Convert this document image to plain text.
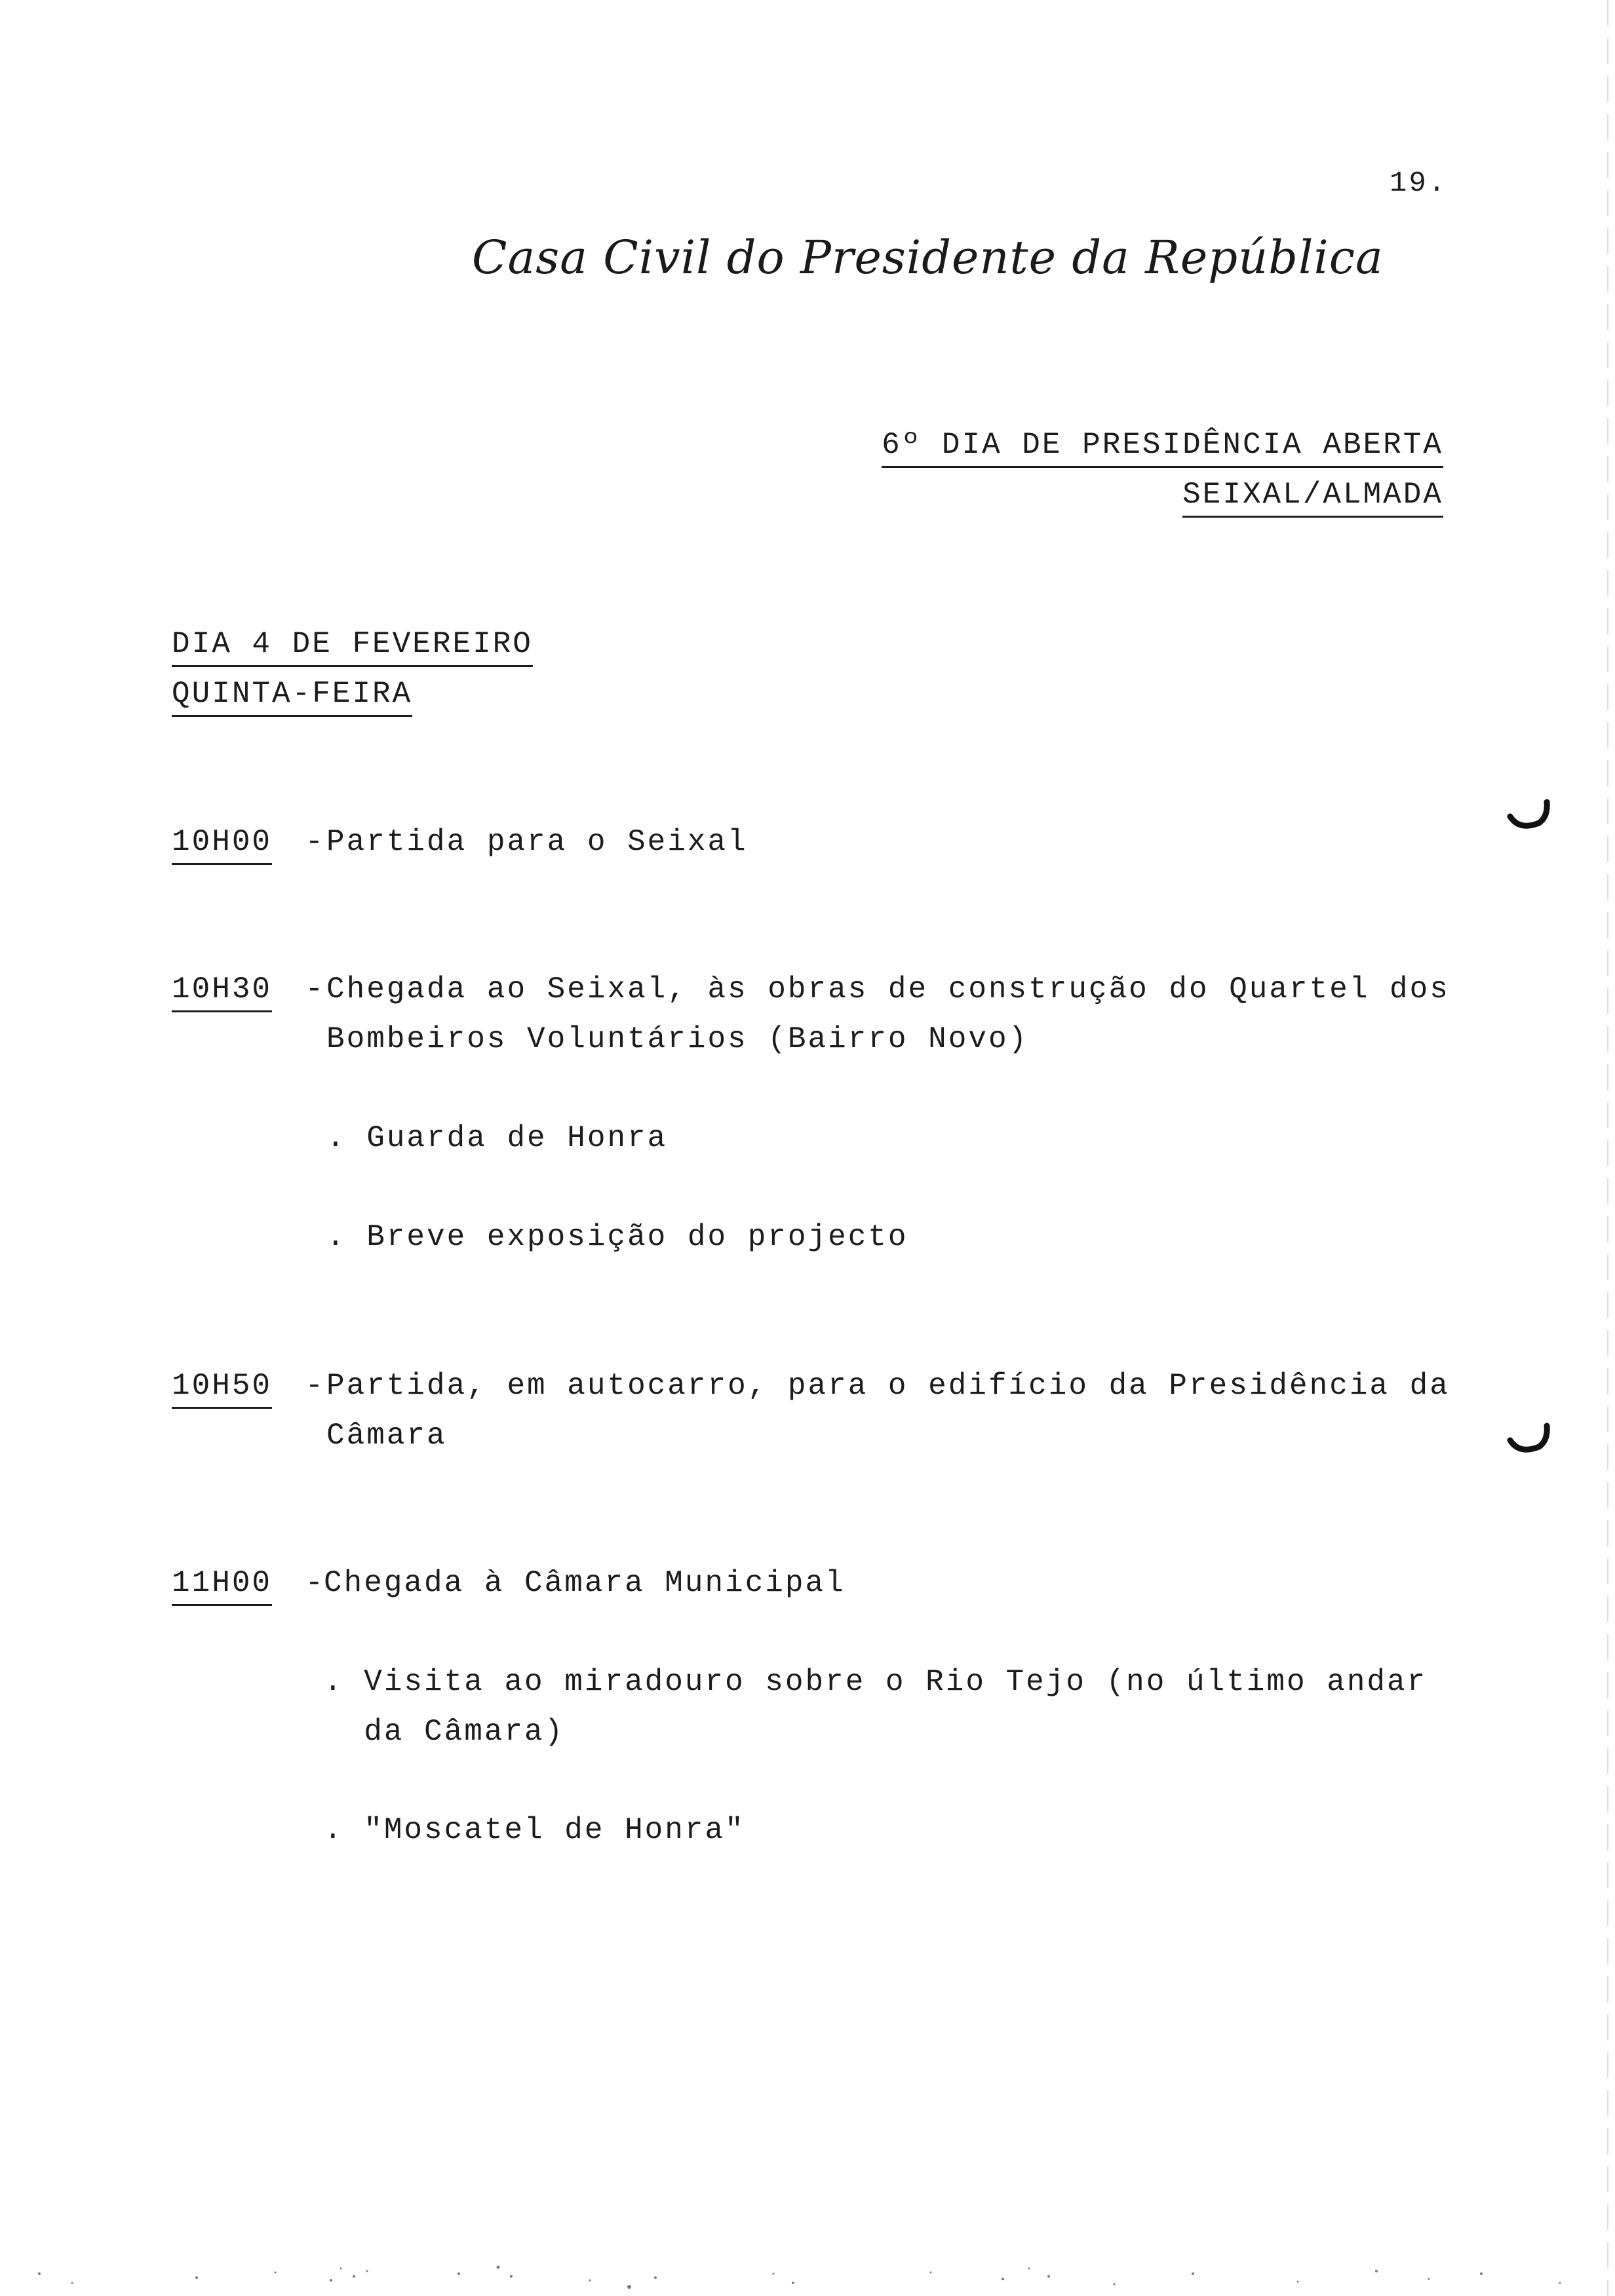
19.
Casa Civil do Presidente da República
6º DIA DE PRESIDÊNCIA ABERTA
SEIXAL/ALMADA
DIA 4 DE FEVEREIRO
QUINTA-FEIRA
10H00 - Partida para o Seixal
10H30 - Chegada ao Seixal, às obras de construção do Quartel dos
Bombeiros Voluntários (Bairro Novo)
. Guarda de Honra
. Breve exposição do projecto
10H50 - Partida, em autocarro, para o edifício da Presidência da
Câmara
11H00 -
Chegada à Câmara Municipal
. Visita ao miradouro sobre o Rio Tejo (no último andar
da Câmara)
. "Moscatel de Honra"
